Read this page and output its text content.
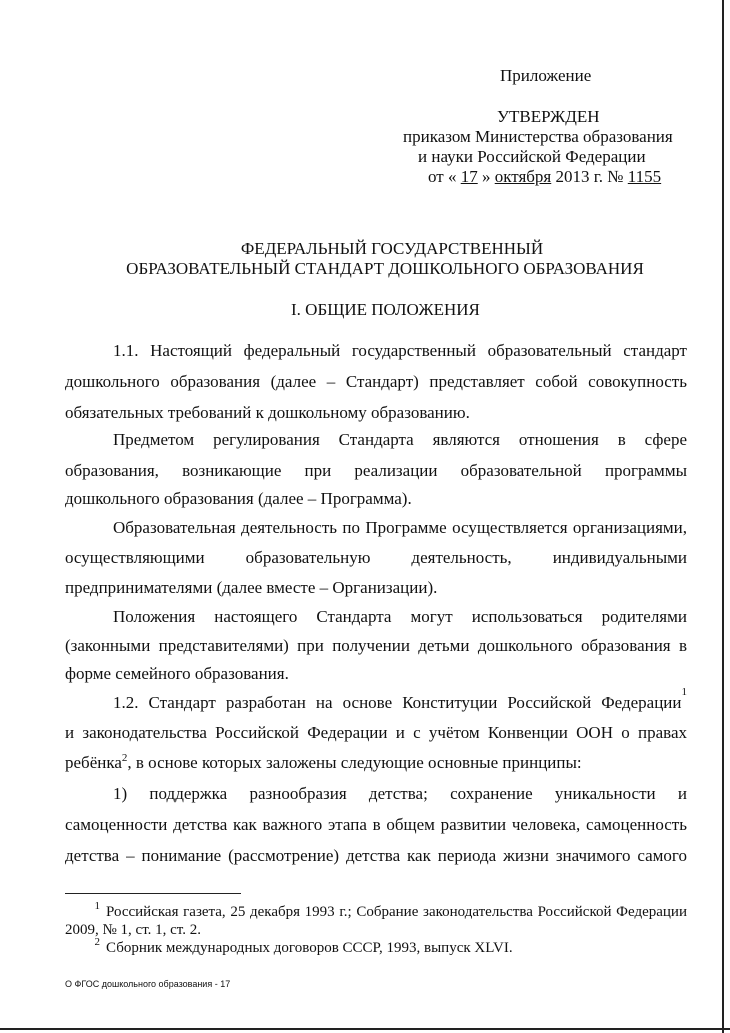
Приложение
УТВЕРЖДЕН
приказом Министерства образования
и науки Российской Федерации
от « 17 » октября 2013 г. № 1155
ФЕДЕРАЛЬНЫЙ ГОСУДАРСТВЕННЫЙ
ОБРАЗОВАТЕЛЬНЫЙ СТАНДАРТ ДОШКОЛЬНОГО ОБРАЗОВАНИЯ
I. ОБЩИЕ ПОЛОЖЕНИЯ
1.1. Настоящий федеральный государственный образовательный стандарт
дошкольного образования (далее – Стандарт) представляет собой совокупность
обязательных требований к дошкольному образованию.
Предметом регулирования Стандарта являются отношения в сфере
образования, возникающие при реализации образовательной программы
дошкольного образования (далее – Программа).
Образовательная деятельность по Программе осуществляется организациями,
осуществляющими образовательную деятельность, индивидуальными
предпринимателями (далее вместе – Организации).
Положения настоящего Стандарта могут использоваться родителями
(законными представителями) при получении детьми дошкольного образования в
форме семейного образования.
1.2. Стандарт разработан на основе Конституции Российской Федерации
1
и законодательства Российской Федерации и с учётом Конвенции ООН о правах
ребёнка$^2$, в основе которых заложены следующие основные принципы:
1) поддержка разнообразия детства; сохранение уникальности и
самоценности детства как важного этапа в общем развитии человека, самоценность
детства – понимание (рассмотрение) детства как периода жизни значимого самого
$^1$ Российская газета, 25 декабря 1993 г.; Собрание законодательства Российской Федерации
2009, № 1, ст. 1, ст. 2.
$^2$ Сборник международных договоров СССР, 1993, выпуск XLVI.
О ФГОС дошкольного образования - 17
